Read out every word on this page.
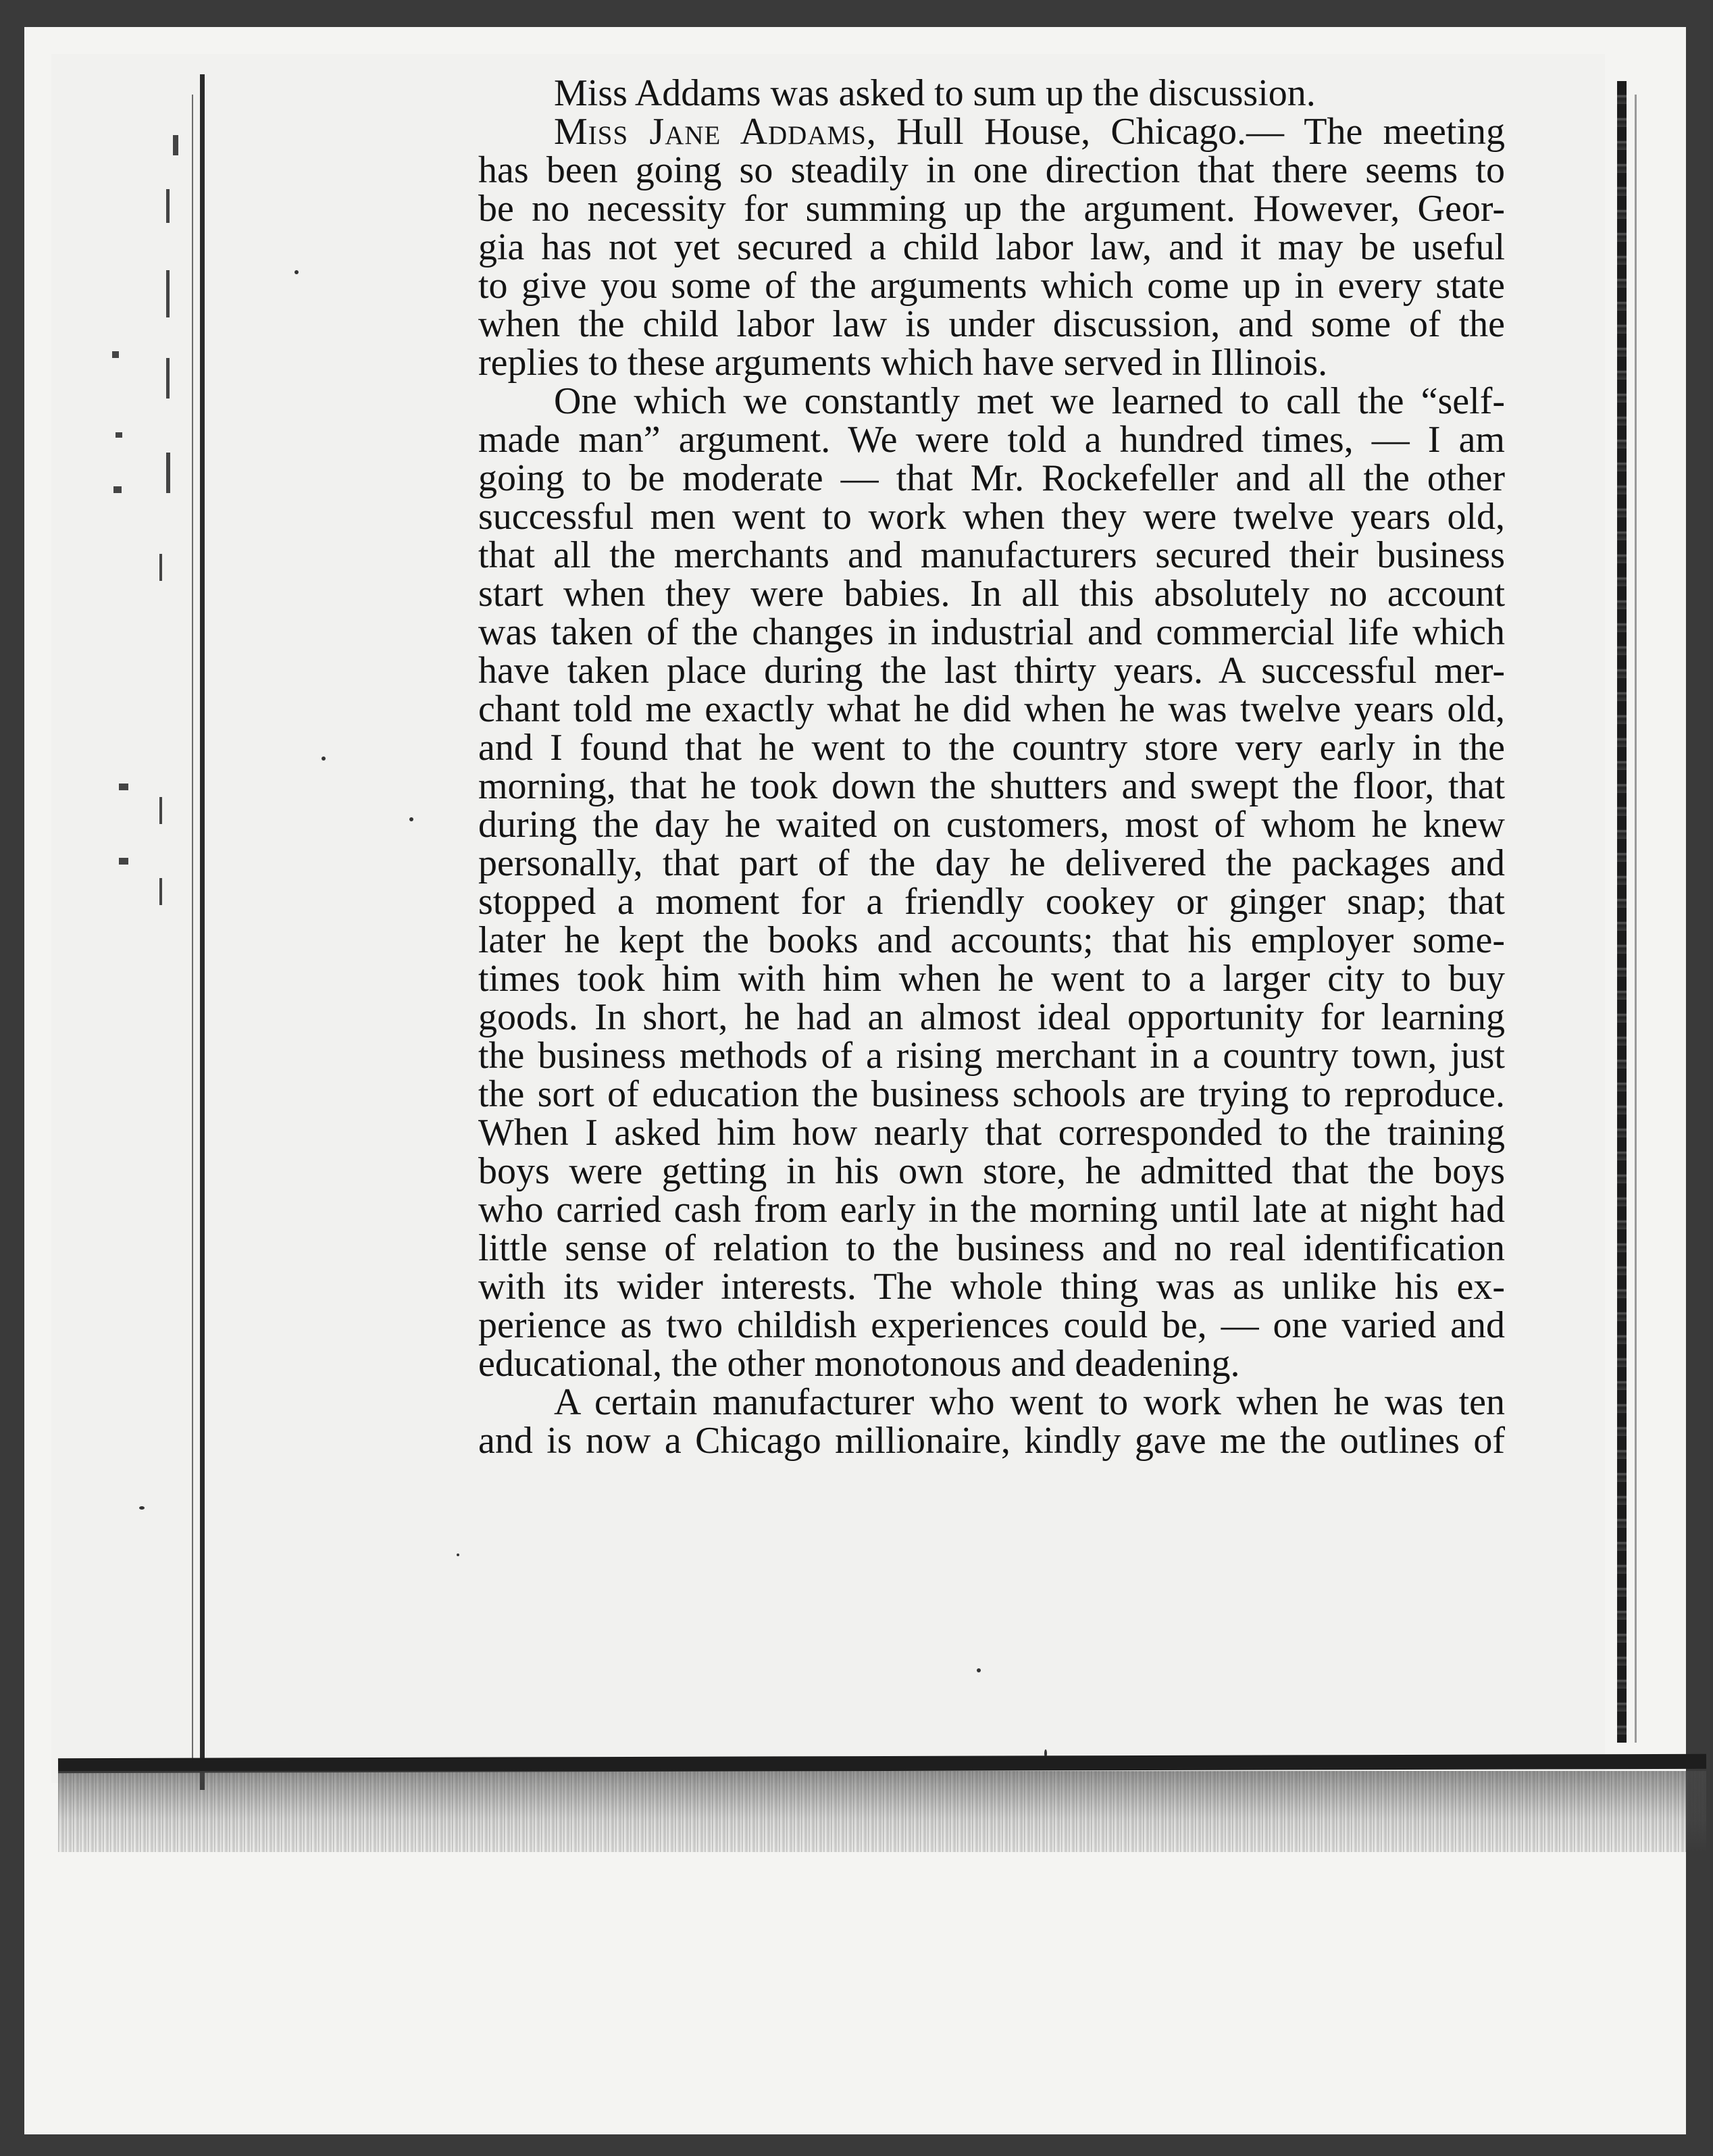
Miss Addams was asked to sum up the discussion.
Miss Jane Addams, Hull House, Chicago.— The meeting
has been going so steadily in one direction that there seems to
be no necessity for summing up the argument. However, Geor-
gia has not yet secured a child labor law, and it may be useful
to give you some of the arguments which come up in every state
when the child labor law is under discussion, and some of the
replies to these arguments which have served in Illinois.
One which we constantly met we learned to call the “self-
made man” argument. We were told a hundred times, — I am
going to be moderate — that Mr. Rockefeller and all the other
successful men went to work when they were twelve years old,
that all the merchants and manufacturers secured their business
start when they were babies. In all this absolutely no account
was taken of the changes in industrial and commercial life which
have taken place during the last thirty years. A successful mer-
chant told me exactly what he did when he was twelve years old,
and I found that he went to the country store very early in the
morning, that he took down the shutters and swept the floor, that
during the day he waited on customers, most of whom he knew
personally, that part of the day he delivered the packages and
stopped a moment for a friendly cookey or ginger snap; that
later he kept the books and accounts; that his employer some-
times took him with him when he went to a larger city to buy
goods. In short, he had an almost ideal opportunity for learning
the business methods of a rising merchant in a country town, just
the sort of education the business schools are trying to reproduce.
When I asked him how nearly that corresponded to the training
boys were getting in his own store, he admitted that the boys
who carried cash from early in the morning until late at night had
little sense of relation to the business and no real identification
with its wider interests. The whole thing was as unlike his ex-
perience as two childish experiences could be, — one varied and
educational, the other monotonous and deadening.
A certain manufacturer who went to work when he was ten
and is now a Chicago millionaire, kindly gave me the outlines of
